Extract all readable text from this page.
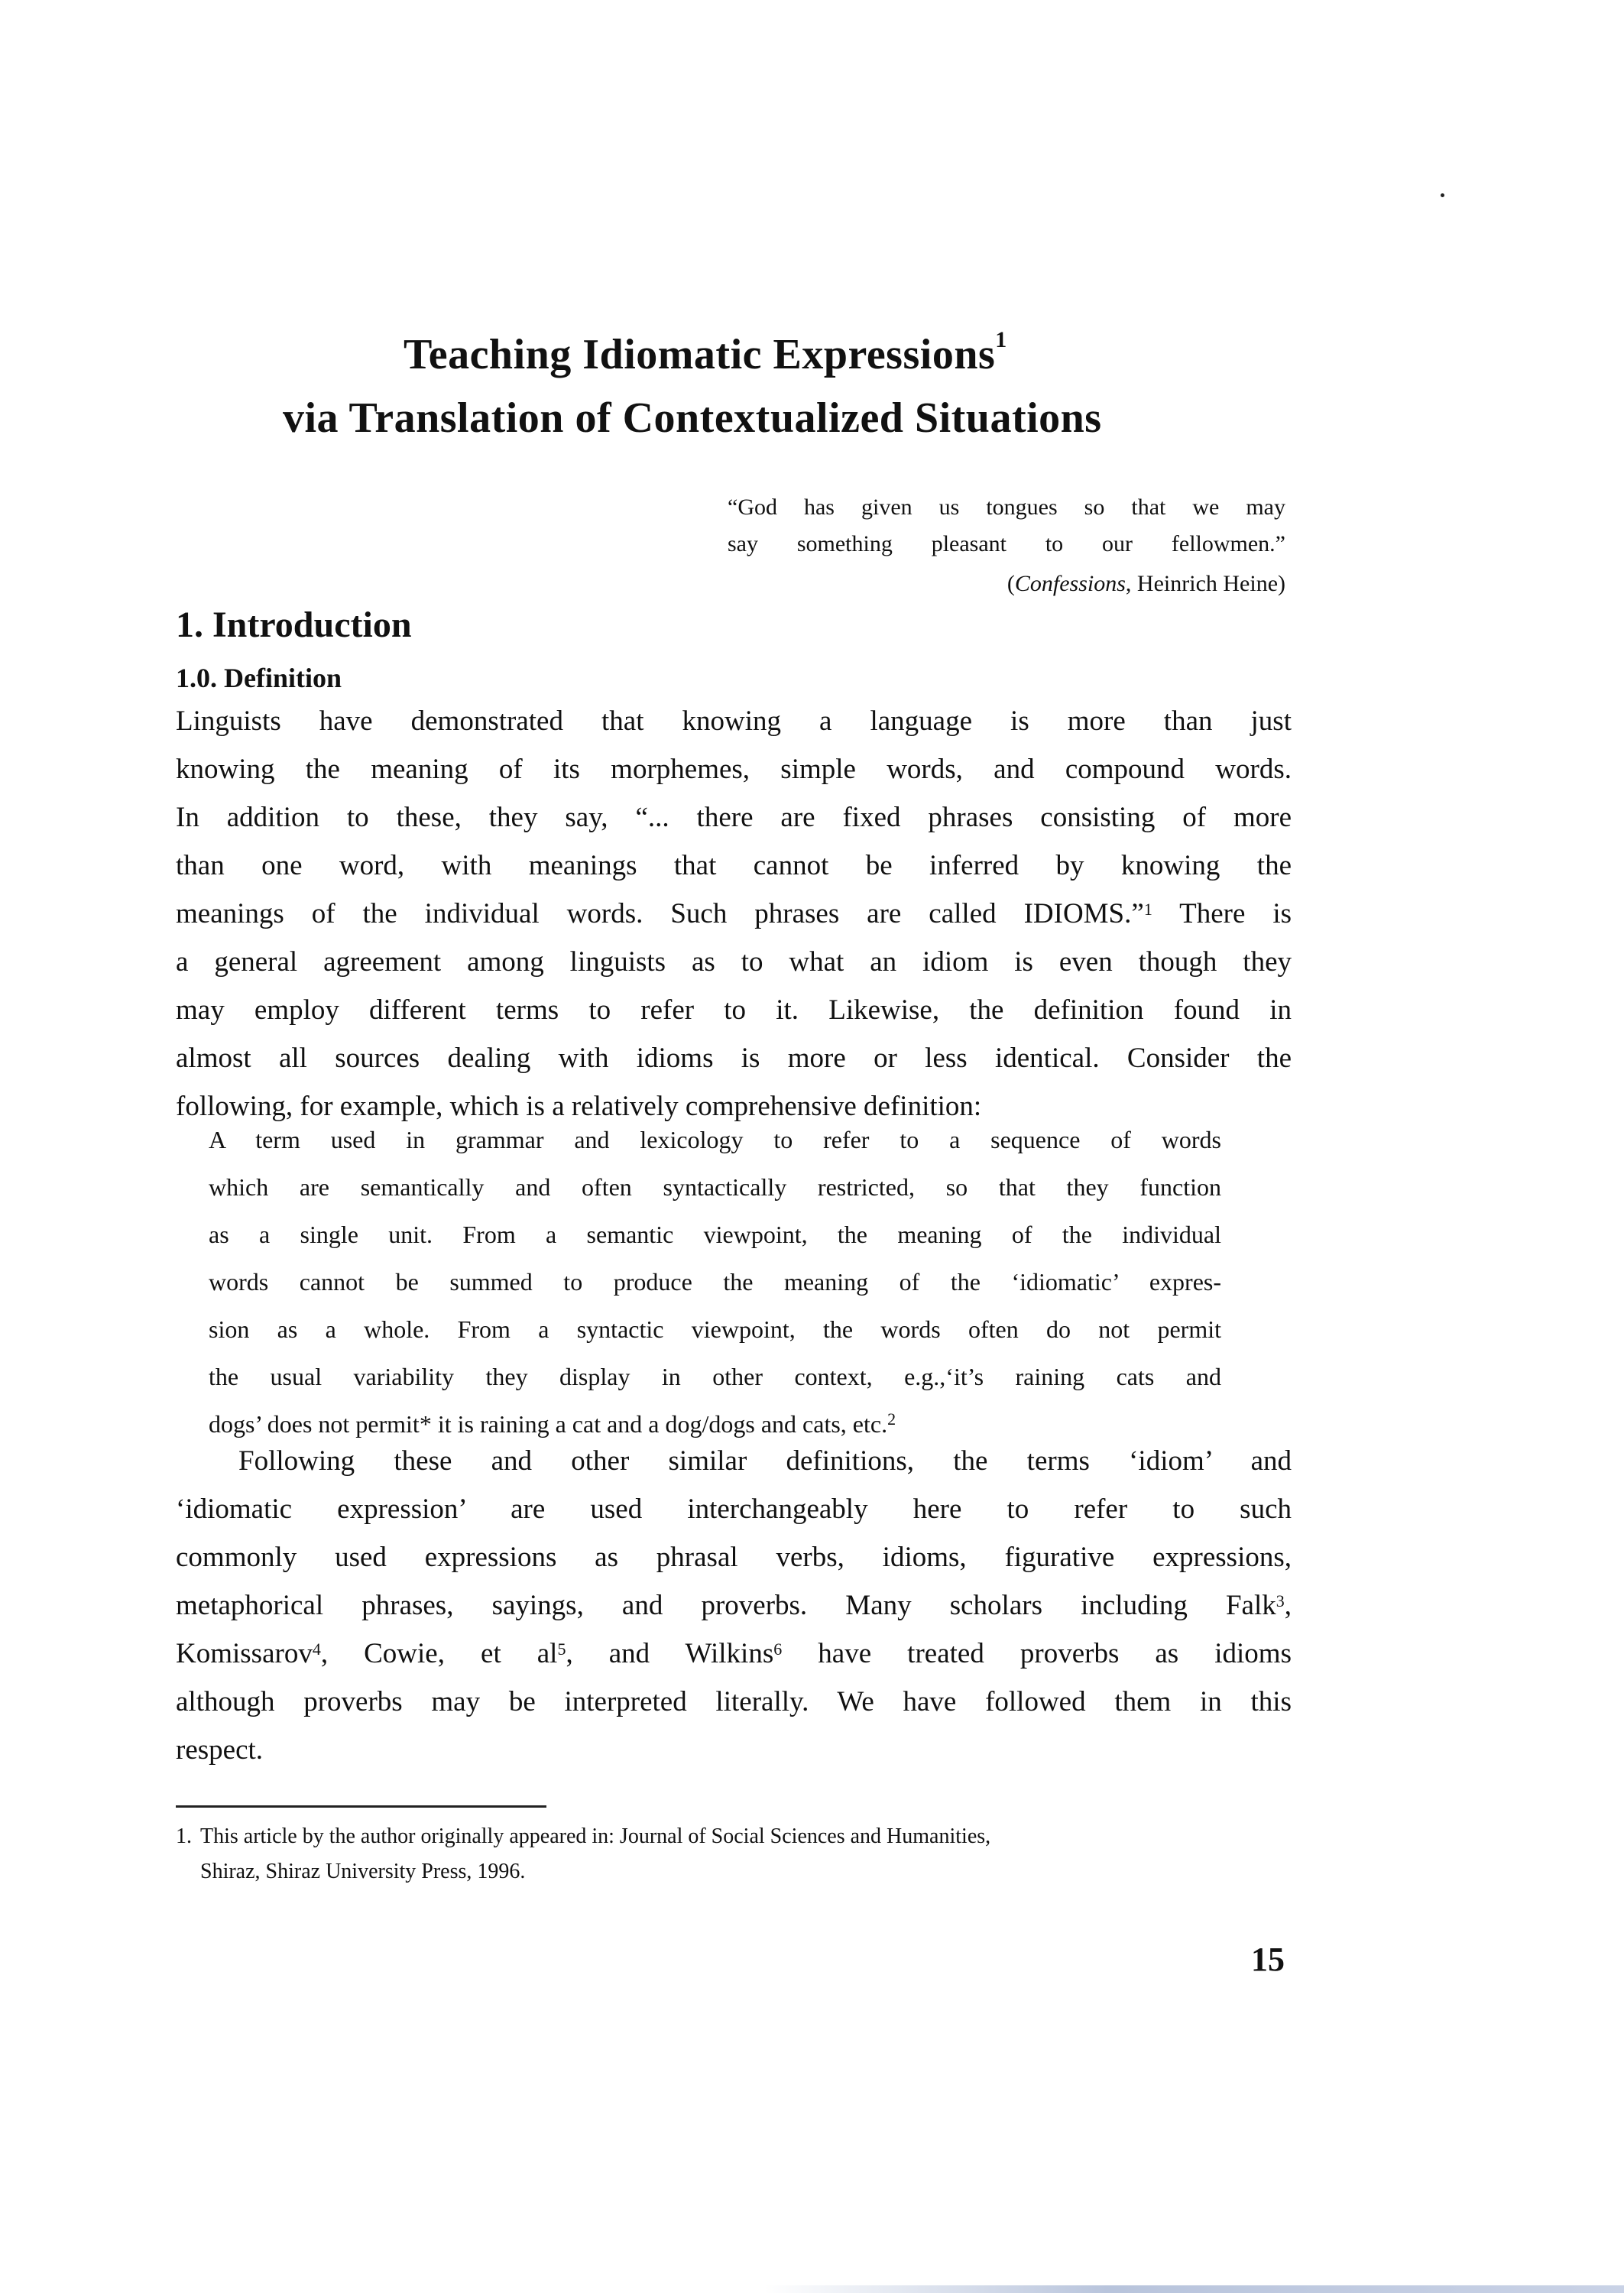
Teaching Idiomatic Expressions$^1$
via Translation of Contextualized Situations
“God has given us tongues so that we may
say something pleasant to our fellowmen.”
(Confessions, Heinrich Heine)
1. Introduction
1.0. Definition
Linguists have demonstrated that knowing a language is more than just
knowing the meaning of its morphemes, simple words, and compound words.
In addition to these, they say, “... there are fixed phrases consisting of more
than one word, with meanings that cannot be inferred by knowing the
meanings of the individual words. Such phrases are called IDIOMS.”$^1$ There is
a general agreement among linguists as to what an idiom is even though they
may employ different terms to refer to it. Likewise, the definition found in
almost all sources dealing with idioms is more or less identical. Consider the
following, for example, which is a relatively comprehensive definition:
A term used in grammar and lexicology to refer to a sequence of words
which are semantically and often syntactically restricted, so that they function
as a single unit. From a semantic viewpoint, the meaning of the individual
words cannot be summed to produce the meaning of the ‘idiomatic’ expres-
sion as a whole. From a syntactic viewpoint, the words often do not permit
the usual variability they display in other context, e.g.,‘it’s raining cats and
dogs’ does not permit* it is raining a cat and a dog/dogs and cats, etc.$^2$
Following these and other similar definitions, the terms ‘idiom’ and
‘idiomatic expression’ are used interchangeably here to refer to such
commonly used expressions as phrasal verbs, idioms, figurative expressions,
metaphorical phrases, sayings, and proverbs. Many scholars including Falk$^3$,
Komissarov$^4$, Cowie, et al$^5$, and Wilkins$^6$ have treated proverbs as idioms
although proverbs may be interpreted literally. We have followed them in this
respect.
1. This article by the author originally appeared in: Journal of Social Sciences and Humanities,
Shiraz, Shiraz University Press, 1996.
15
